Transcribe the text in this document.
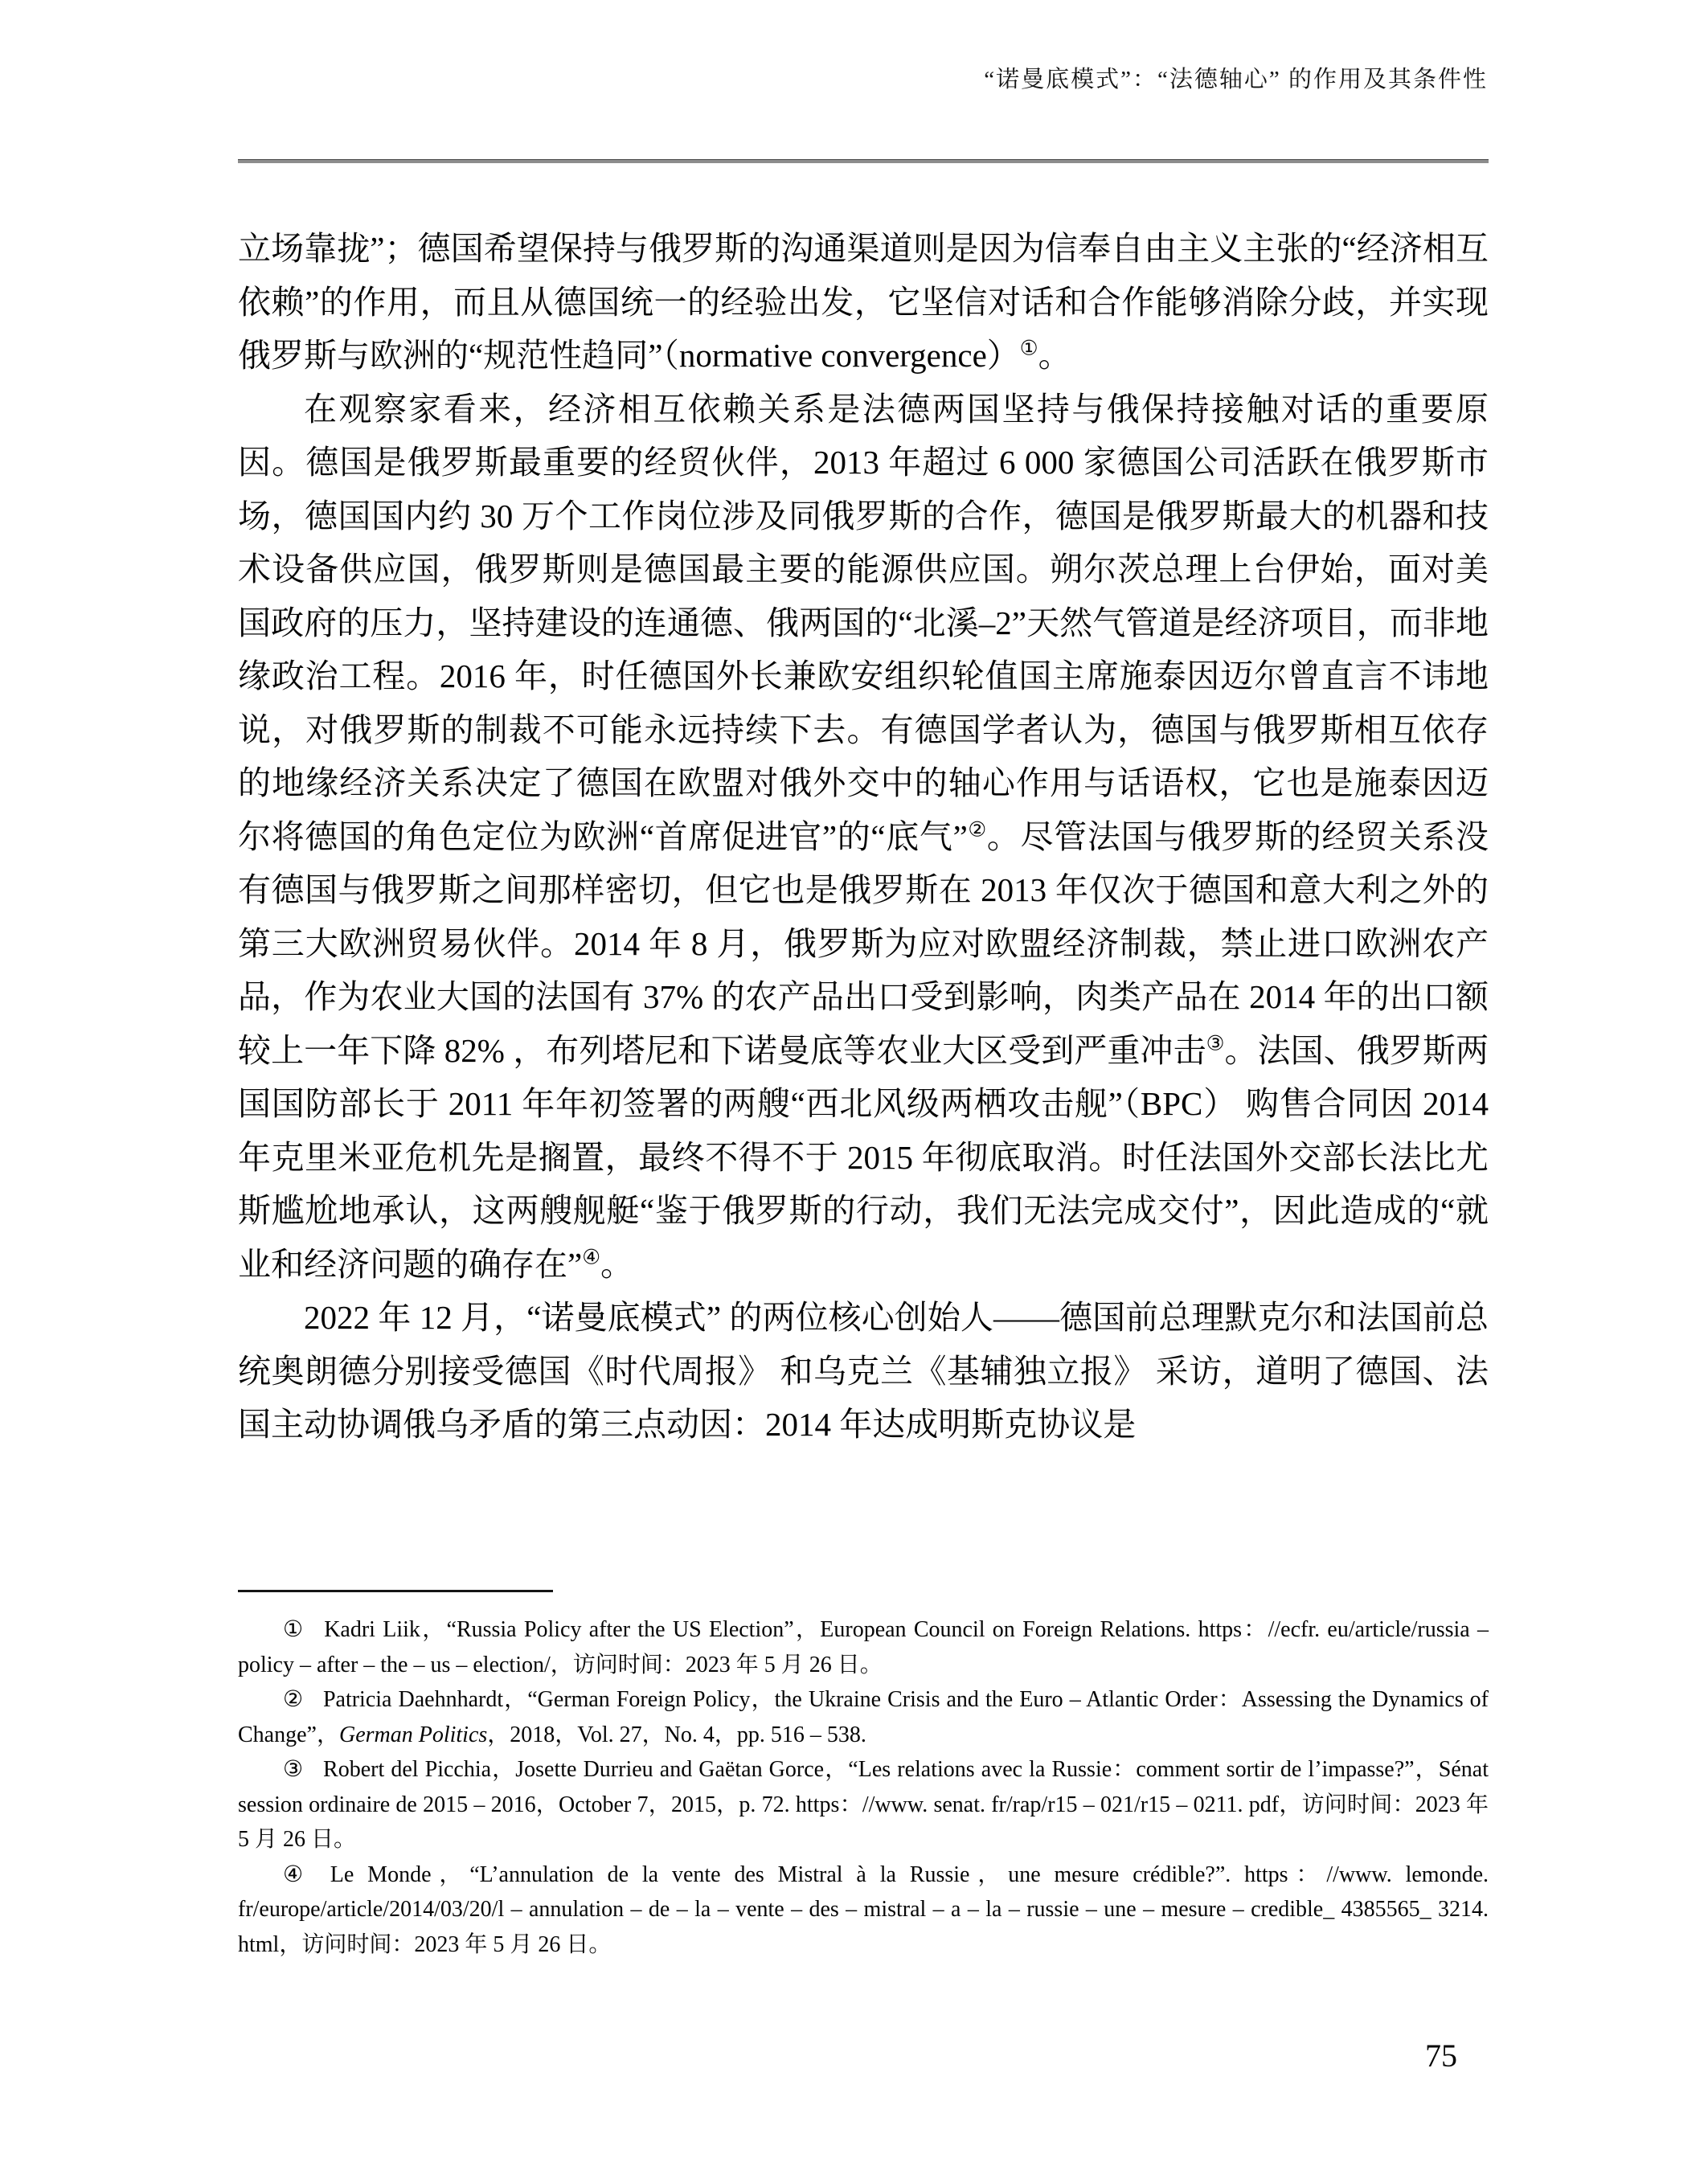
“诺曼底模式”：“法德轴心” 的作用及其条件性

立场靠拢”；德国希望保持与俄罗斯的沟通渠道则是因为信奉自由主义主张的“经济相互依赖”的作用，而且从德国统一的经验出发，它坚信对话和合作能够消除分歧，并实现俄罗斯与欧洲的“规范性趋同”（normative convergence）①。

在观察家看来，经济相互依赖关系是法德两国坚持与俄保持接触对话的重要原因。德国是俄罗斯最重要的经贸伙伴，2013 年超过 6 000 家德国公司活跃在俄罗斯市场，德国国内约 30 万个工作岗位涉及同俄罗斯的合作，德国是俄罗斯最大的机器和技术设备供应国，俄罗斯则是德国最主要的能源供应国。朔尔茨总理上台伊始，面对美国政府的压力，坚持建设的连通德、俄两国的“北溪–2”天然气管道是经济项目，而非地缘政治工程。2016 年，时任德国外长兼欧安组织轮值国主席施泰因迈尔曾直言不讳地说，对俄罗斯的制裁不可能永远持续下去。有德国学者认为，德国与俄罗斯相互依存的地缘经济关系决定了德国在欧盟对俄外交中的轴心作用与话语权，它也是施泰因迈尔将德国的角色定位为欧洲“首席促进官”的“底气”②。尽管法国与俄罗斯的经贸关系没有德国与俄罗斯之间那样密切，但它也是俄罗斯在 2013 年仅次于德国和意大利之外的第三大欧洲贸易伙伴。2014 年 8 月，俄罗斯为应对欧盟经济制裁，禁止进口欧洲农产品，作为农业大国的法国有 37% 的农产品出口受到影响，肉类产品在 2014 年的出口额较上一年下降 82% ，布列塔尼和下诺曼底等农业大区受到严重冲击③。法国、俄罗斯两国国防部长于 2011 年年初签署的两艘“西北风级两栖攻击舰”（BPC） 购售合同因 2014 年克里米亚危机先是搁置，最终不得不于 2015 年彻底取消。时任法国外交部长法比尤斯尴尬地承认，这两艘舰艇“鉴于俄罗斯的行动，我们无法完成交付”，因此造成的“就业和经济问题的确存在”④。

2022 年 12 月，“诺曼底模式” 的两位核心创始人——德国前总理默克尔和法国前总统奥朗德分别接受德国《时代周报》 和乌克兰《基辅独立报》 采访，道明了德国、法国主动协调俄乌矛盾的第三点动因：2014 年达成明斯克协议是

① Kadri Liik，“Russia Policy after the US Election”，European Council on Foreign Relations. https：//ecfr. eu/article/russia – policy – after – the – us – election/，访问时间：2023 年 5 月 26 日。

② Patricia Daehnhardt，“German Foreign Policy，the Ukraine Crisis and the Euro – Atlantic Order：Assessing the Dynamics of Change”，German Politics，2018，Vol. 27，No. 4，pp. 516 – 538.

③ Robert del Picchia，Josette Durrieu and Gaëtan Gorce，“Les relations avec la Russie：comment sortir de l’impasse?”，Sénat session ordinaire de 2015 – 2016，October 7，2015，p. 72. https：//www. senat. fr/rap/r15 – 021/r15 – 0211. pdf，访问时间：2023 年 5 月 26 日。

④ Le Monde，“L’annulation de la vente des Mistral à la Russie，une mesure crédible?”. https：//www. lemonde. fr/europe/article/2014/03/20/l – annulation – de – la – vente – des – mistral – a – la – russie – une – mesure – credible_ 4385565_ 3214. html，访问时间：2023 年 5 月 26 日。

75
